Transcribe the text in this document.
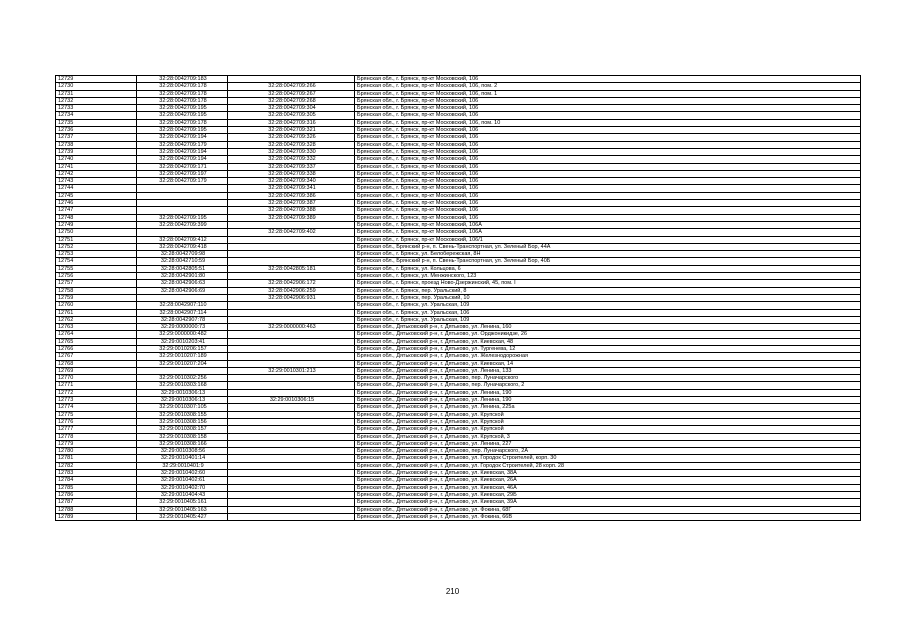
12729	32:28:0042709:183		Брянская обл., г. Брянск, пр-кт Московский, 106
12730	32:28:0042709:178	32:28:0042709:266	Брянская обл., г. Брянск, пр-кт Московский, 106, пом. 2
12731	32:28:0042709:178	32:28:0042709:267	Брянская обл., г. Брянск, пр-кт Московский, 106, пом. 1
12732	32:28:0042709:178	32:28:0042709:268	Брянская обл., г. Брянск, пр-кт Московский, 106
12733	32:28:0042709:195	32:28:0042709:304	Брянская обл., г. Брянск, пр-кт Московский, 106
12734	32:28:0042709:195	32:28:0042709:305	Брянская обл., г. Брянск, пр-кт Московский, 106
12735	32:28:0042709:178	32:28:0042709:316	Брянская обл., г. Брянск, пр-кт Московский, 106, пом. 10
12736	32:28:0042709:195	32:28:0042709:321	Брянская обл., г. Брянск, пр-кт Московский, 106
12737	32:28:0042709:194	32:28:0042709:326	Брянская обл., г. Брянск, пр-кт Московский, 106
12738	32:28:0042709:179	32:28:0042709:328	Брянская обл., г. Брянск, пр-кт Московский, 106
12739	32:28:0042709:194	32:28:0042709:330	Брянская обл., г. Брянск, пр-кт Московский, 106
12740	32:28:0042709:194	32:28:0042709:332	Брянская обл., г. Брянск, пр-кт Московский, 106
12741	32:28:0042709:171	32:28:0042709:337	Брянская обл., г. Брянск, пр-кт Московский, 106
12742	32:28:0042709:197	32:28:0042709:338	Брянская обл., г. Брянск, пр-кт Московский, 106
12743	32:28:0042709:179	32:28:0042709:340	Брянская обл., г. Брянск, пр-кт Московский, 106
12744		32:28:0042709:341	Брянская обл., г. Брянск, пр-кт Московский, 106
12745		32:28:0042709:386	Брянская обл., г. Брянск, пр-кт Московский, 106
12746		32:28:0042709:387	Брянская обл., г. Брянск, пр-кт Московский, 106
12747		32:28:0042709:388	Брянская обл., г. Брянск, пр-кт Московский, 106
12748	32:28:0042709:195	32:28:0042709:389	Брянская обл., г. Брянск, пр-кт Московский, 106
12749	32:28:0042709:399		Брянская обл., г. Брянск, пр-кт Московский, 106А
12750		32:28:0042709:402	Брянская обл., г. Брянск, пр-кт Московский, 106А
12751	32:28:0042709:412		Брянская обл., г. Брянск, пр-кт Московский, 106/1
12752	32:28:0042709:418		Брянская обл., Брянский р-н, п. Свень-Транспортная, ул. Зеленый Бор, 44А
12753	32:28:0042709:98		Брянская обл., г. Брянск, ул. Белобережская, 8Н
12754	32:28:0042710:59		Брянская обл., Брянский р-н, п. Свень-Транспортная, ул. Зеленый Бор, 40Б
12755	32:28:0042805:51	32:28:0042805:181	Брянская обл., г. Брянск, ул. Кольцова, 6
12756	32:28:0042901:80		Брянская обл., г. Брянск, ул. Менжинского, 123
12757	32:28:0042906:63	32:28:0042906:172	Брянская обл., г. Брянск, проезд Ново-Дзержинский, 45, пом. I
12758	32:28:0042906:69	32:28:0042906:259	Брянская обл., г. Брянск, пер. Уральский, 8
12759		32:28:0042906:931	Брянская обл., г. Брянск, пер. Уральский, 10
12760	32:28:0042907:110		Брянская обл., г. Брянск, ул. Уральская, 109
12761	32:28:0042907:114		Брянская обл., г. Брянск, ул. Уральская, 106
12762	32:28:0042907:78		Брянская обл., г. Брянск, ул. Уральская, 109
12763	32:29:0000000:73	32:29:0000000:463	Брянская обл., Дятьковский р-н, г. Дятьково, ул. Ленина, 160
12764	32:29:0000000:482		Брянская обл., Дятьковский р-н, г. Дятьково, ул. Орджоникидзе, 26
12765	32:29:0010203:41		Брянская обл., Дятьковский р-н, г. Дятьково, ул. Киевская, 48
12766	32:29:0010206:157		Брянская обл., Дятьковский р-н, г. Дятьково, ул. Тургенева, 12
12767	32:29:0010207:189		Брянская обл., Дятьковский р-н, г. Дятьково, ул. Железнодорожная
12768	32:29:0010207:204		Брянская обл., Дятьковский р-н, г. Дятьково, ул. Киевская, 14
12769		32:29:0010301:213	Брянская обл., Дятьковский р-н, г. Дятьково, ул. Ленина, 133
12770	32:29:0010302:256		Брянская обл., Дятьковский р-н, г. Дятьково, пер. Луначарского
12771	32:29:0010303:168		Брянская обл., Дятьковский р-н, г. Дятьково, пер. Луначарского, 2
12772	32:29:0010306:13		Брянская обл., Дятьковский р-н, г. Дятьково, ул. Ленина, 190
12773	32:29:0010306:13	32:29:0010306:15	Брянская обл., Дятьковский р-н, г. Дятьково, ул. Ленина, 190
12774	32:29:0010307:105		Брянская обл., Дятьковский р-н, г. Дятьково, ул. Ленина, 225а
12775	32:29:0010308:155		Брянская обл., Дятьковский р-н, г. Дятьково, ул. Крупской
12776	32:29:0010308:156		Брянская обл., Дятьковский р-н, г. Дятьково, ул. Крупской
12777	32:29:0010308:157		Брянская обл., Дятьковский р-н, г. Дятьково, ул. Крупской
12778	32:29:0010308:158		Брянская обл., Дятьковский р-н, г. Дятьково, ул. Крупской, 3
12779	32:29:0010308:166		Брянская обл., Дятьковский р-н, г. Дятьково, ул. Ленина, 227
12780	32:29:0010308:56		Брянская обл., Дятьковский р-н, г. Дятьково, пер. Луначарского, 2А
12781	32:29:0010401:14		Брянская обл., Дятьковский р-н, г. Дятьково, ул. Городок Строителей, корп. 30
12782	32:29:0010401:9		Брянская обл., Дятьковский р-н, г. Дятьково, ул. Городок Строителей, 28 корп. 28
12783	32:29:0010402:60		Брянская обл., Дятьковский р-н, г. Дятьково, ул. Киевская, 38А
12784	32:29:0010402:61		Брянская обл., Дятьковский р-н, г. Дятьково, ул. Киевская, 26А
12785	32:29:0010402:70		Брянская обл., Дятьковский р-н, г. Дятьково, ул. Киевская, 46А
12786	32:29:0010404:43		Брянская обл., Дятьковский р-н, г. Дятьково, ул. Киевская, 29Б
12787	32:29:0010405:161		Брянская обл., Дятьковский р-н, г. Дятьково, ул. Киевская, 39А
12788	32:29:0010405:163		Брянская обл., Дятьковский р-н, г. Дятьково, ул. Фокина, 68Г
12789	32:29:0010405:427		Брянская обл., Дятьковский р-н, г. Дятьково, ул. Фокина, 66В
210
